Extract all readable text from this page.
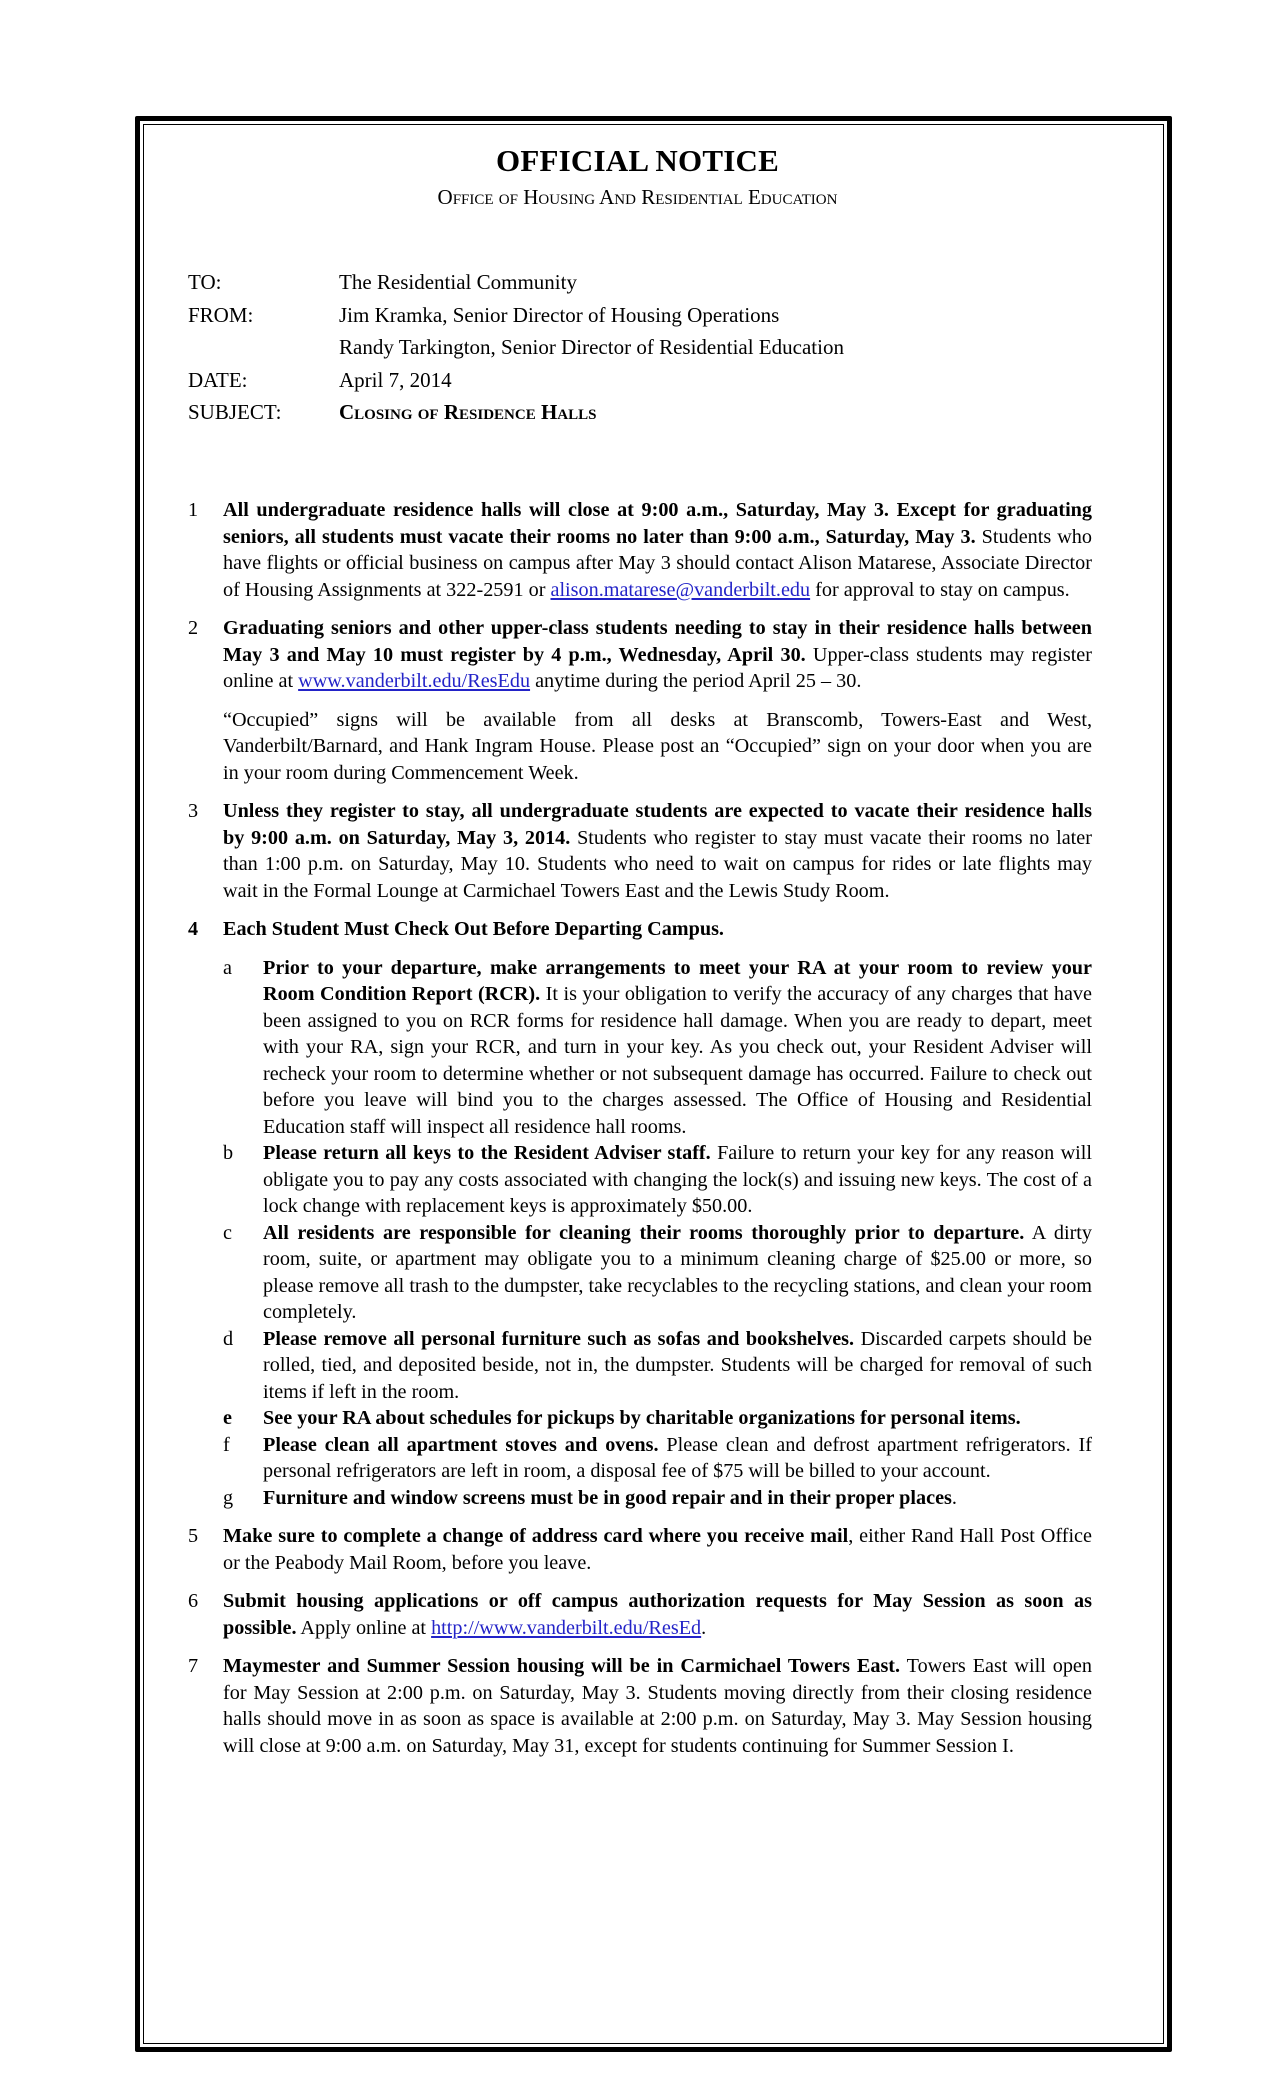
OFFICIAL NOTICE
Office of Housing And Residential Education
TO:	The Residential Community
FROM:	Jim Kramka, Senior Director of Housing Operations
Randy Tarkington, Senior Director of Residential Education
DATE:	April 7, 2014
SUBJECT:	Closing of Residence Halls
1	All undergraduate residence halls will close at 9:00 a.m., Saturday, May 3. Except for graduating seniors, all students must vacate their rooms no later than 9:00 a.m., Saturday, May 3. Students who have flights or official business on campus after May 3 should contact Alison Matarese, Associate Director of Housing Assignments at 322-2591 or alison.matarese@vanderbilt.edu for approval to stay on campus.

2	Graduating seniors and other upper-class students needing to stay in their residence halls between May 3 and May 10 must register by 4 p.m., Wednesday, April 30. Upper-class students may register online at www.vanderbilt.edu/ResEdu anytime during the period April 25 – 30.

“Occupied” signs will be available from all desks at Branscomb, Towers-East and West, Vanderbilt/Barnard, and Hank Ingram House. Please post an “Occupied” sign on your door when you are in your room during Commencement Week.

3	Unless they register to stay, all undergraduate students are expected to vacate their residence halls by 9:00 a.m. on Saturday, May 3, 2014. Students who register to stay must vacate their rooms no later than 1:00 p.m. on Saturday, May 10. Students who need to wait on campus for rides or late flights may wait in the Formal Lounge at Carmichael Towers East and the Lewis Study Room.

4	Each Student Must Check Out Before Departing Campus.

a	Prior to your departure, make arrangements to meet your RA at your room to review your Room Condition Report (RCR). It is your obligation to verify the accuracy of any charges that have been assigned to you on RCR forms for residence hall damage. When you are ready to depart, meet with your RA, sign your RCR, and turn in your key. As you check out, your Resident Adviser will recheck your room to determine whether or not subsequent damage has occurred. Failure to check out before you leave will bind you to the charges assessed. The Office of Housing and Residential Education staff will inspect all residence hall rooms.
b	Please return all keys to the Resident Adviser staff. Failure to return your key for any reason will obligate you to pay any costs associated with changing the lock(s) and issuing new keys. The cost of a lock change with replacement keys is approximately $50.00.
c	All residents are responsible for cleaning their rooms thoroughly prior to departure. A dirty room, suite, or apartment may obligate you to a minimum cleaning charge of $25.00 or more, so please remove all trash to the dumpster, take recyclables to the recycling stations, and clean your room completely.
d	Please remove all personal furniture such as sofas and bookshelves. Discarded carpets should be rolled, tied, and deposited beside, not in, the dumpster. Students will be charged for removal of such items if left in the room.
e	See your RA about schedules for pickups by charitable organizations for personal items.
f	Please clean all apartment stoves and ovens. Please clean and defrost apartment refrigerators. If personal refrigerators are left in room, a disposal fee of $75 will be billed to your account.
g	Furniture and window screens must be in good repair and in their proper places.
5	Make sure to complete a change of address card where you receive mail, either Rand Hall Post Office or the Peabody Mail Room, before you leave.

6	Submit housing applications or off campus authorization requests for May Session as soon as possible. Apply online at http://www.vanderbilt.edu/ResEd.

7	Maymester and Summer Session housing will be in Carmichael Towers East. Towers East will open for May Session at 2:00 p.m. on Saturday, May 3. Students moving directly from their closing residence halls should move in as soon as space is available at 2:00 p.m. on Saturday, May 3. May Session housing will close at 9:00 a.m. on Saturday, May 31, except for students continuing for Summer Session I.
